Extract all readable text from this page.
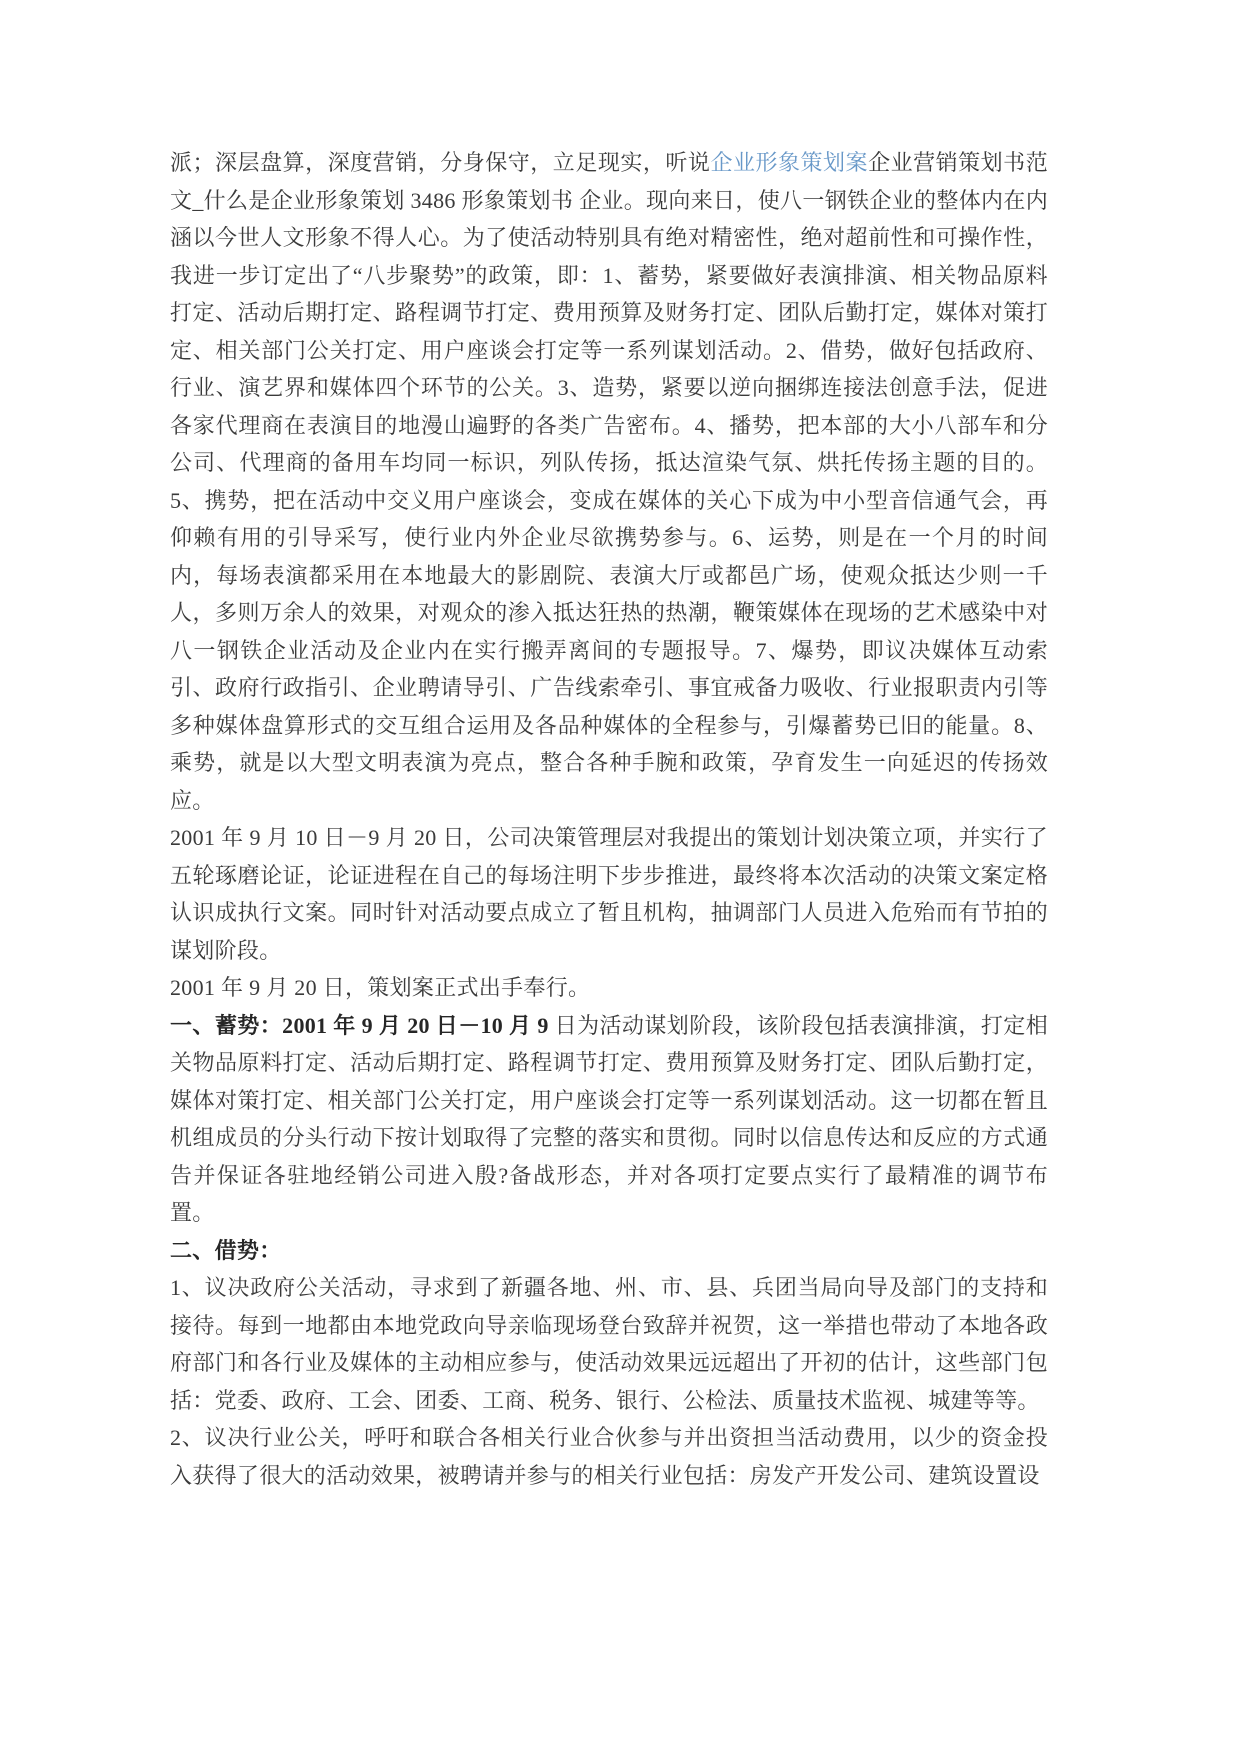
派；深层盘算，深度营销，分身保守，立足现实，听说企业形象策划案企业营销策划书范文_什么是企业形象策划 3486 形象策划书 企业。现向来日，使八一钢铁企业的整体内在内涵以今世人文形象不得人心。为了使活动特别具有绝对精密性，绝对超前性和可操作性，我进一步订定出了“八步聚势”的政策，即：1、蓄势，紧要做好表演排演、相关物品原料打定、活动后期打定、路程调节打定、费用预算及财务打定、团队后勤打定，媒体对策打定、相关部门公关打定、用户座谈会打定等一系列谋划活动。2、借势，做好包括政府、行业、演艺界和媒体四个环节的公关。3、造势，紧要以逆向捆绑连接法创意手法，促进各家代理商在表演目的地漫山遍野的各类广告密布。4、播势，把本部的大小八部车和分公司、代理商的备用车均同一标识，列队传扬，抵达渲染气氛、烘托传扬主题的目的。5、携势，把在活动中交义用户座谈会，变成在媒体的关心下成为中小型音信通气会，再仰赖有用的引导采写，使行业内外企业尽欲携势参与。6、运势，则是在一个月的时间内，每场表演都采用在本地最大的影剧院、表演大厅或都邑广场，使观众抵达少则一千人，多则万余人的效果，对观众的渗入抵达狂热的热潮，鞭策媒体在现场的艺术感染中对八一钢铁企业活动及企业内在实行搬弄离间的专题报导。7、爆势，即议决媒体互动索引、政府行政指引、企业聘请导引、广告线索牵引、事宜戒备力吸收、行业报职责内引等多种媒体盘算形式的交互组合运用及各品种媒体的全程参与，引爆蓄势已旧的能量。8、乘势，就是以大型文明表演为亮点，整合各种手腕和政策，孕育发生一向延迟的传扬效应。

2001 年 9 月 10 日－9 月 20 日，公司决策管理层对我提出的策划计划决策立项，并实行了五轮琢磨论证，论证进程在自己的每场注明下步步推进，最终将本次活动的决策文案定格认识成执行文案。同时针对活动要点成立了暂且机构，抽调部门人员进入危殆而有节拍的谋划阶段。

2001 年 9 月 20 日，策划案正式出手奉行。

一、蓄势：2001 年 9 月 20 日－10 月 9 日为活动谋划阶段，该阶段包括表演排演，打定相关物品原料打定、活动后期打定、路程调节打定、费用预算及财务打定、团队后勤打定，媒体对策打定、相关部门公关打定，用户座谈会打定等一系列谋划活动。这一切都在暂且机组成员的分头行动下按计划取得了完整的落实和贯彻。同时以信息传达和反应的方式通告并保证各驻地经销公司进入殷?备战形态，并对各项打定要点实行了最精准的调节布置。

二、借势：

1、议决政府公关活动，寻求到了新疆各地、州、市、县、兵团当局向导及部门的支持和接待。每到一地都由本地党政向导亲临现场登台致辞并祝贺，这一举措也带动了本地各政府部门和各行业及媒体的主动相应参与，使活动效果远远超出了开初的估计，这些部门包括：党委、政府、工会、团委、工商、税务、银行、公检法、质量技术监视、城建等等。

2、议决行业公关，呼吁和联合各相关行业合伙参与并出资担当活动费用，以少的资金投入获得了很大的活动效果，被聘请并参与的相关行业包括：房发产开发公司、建筑设置设
